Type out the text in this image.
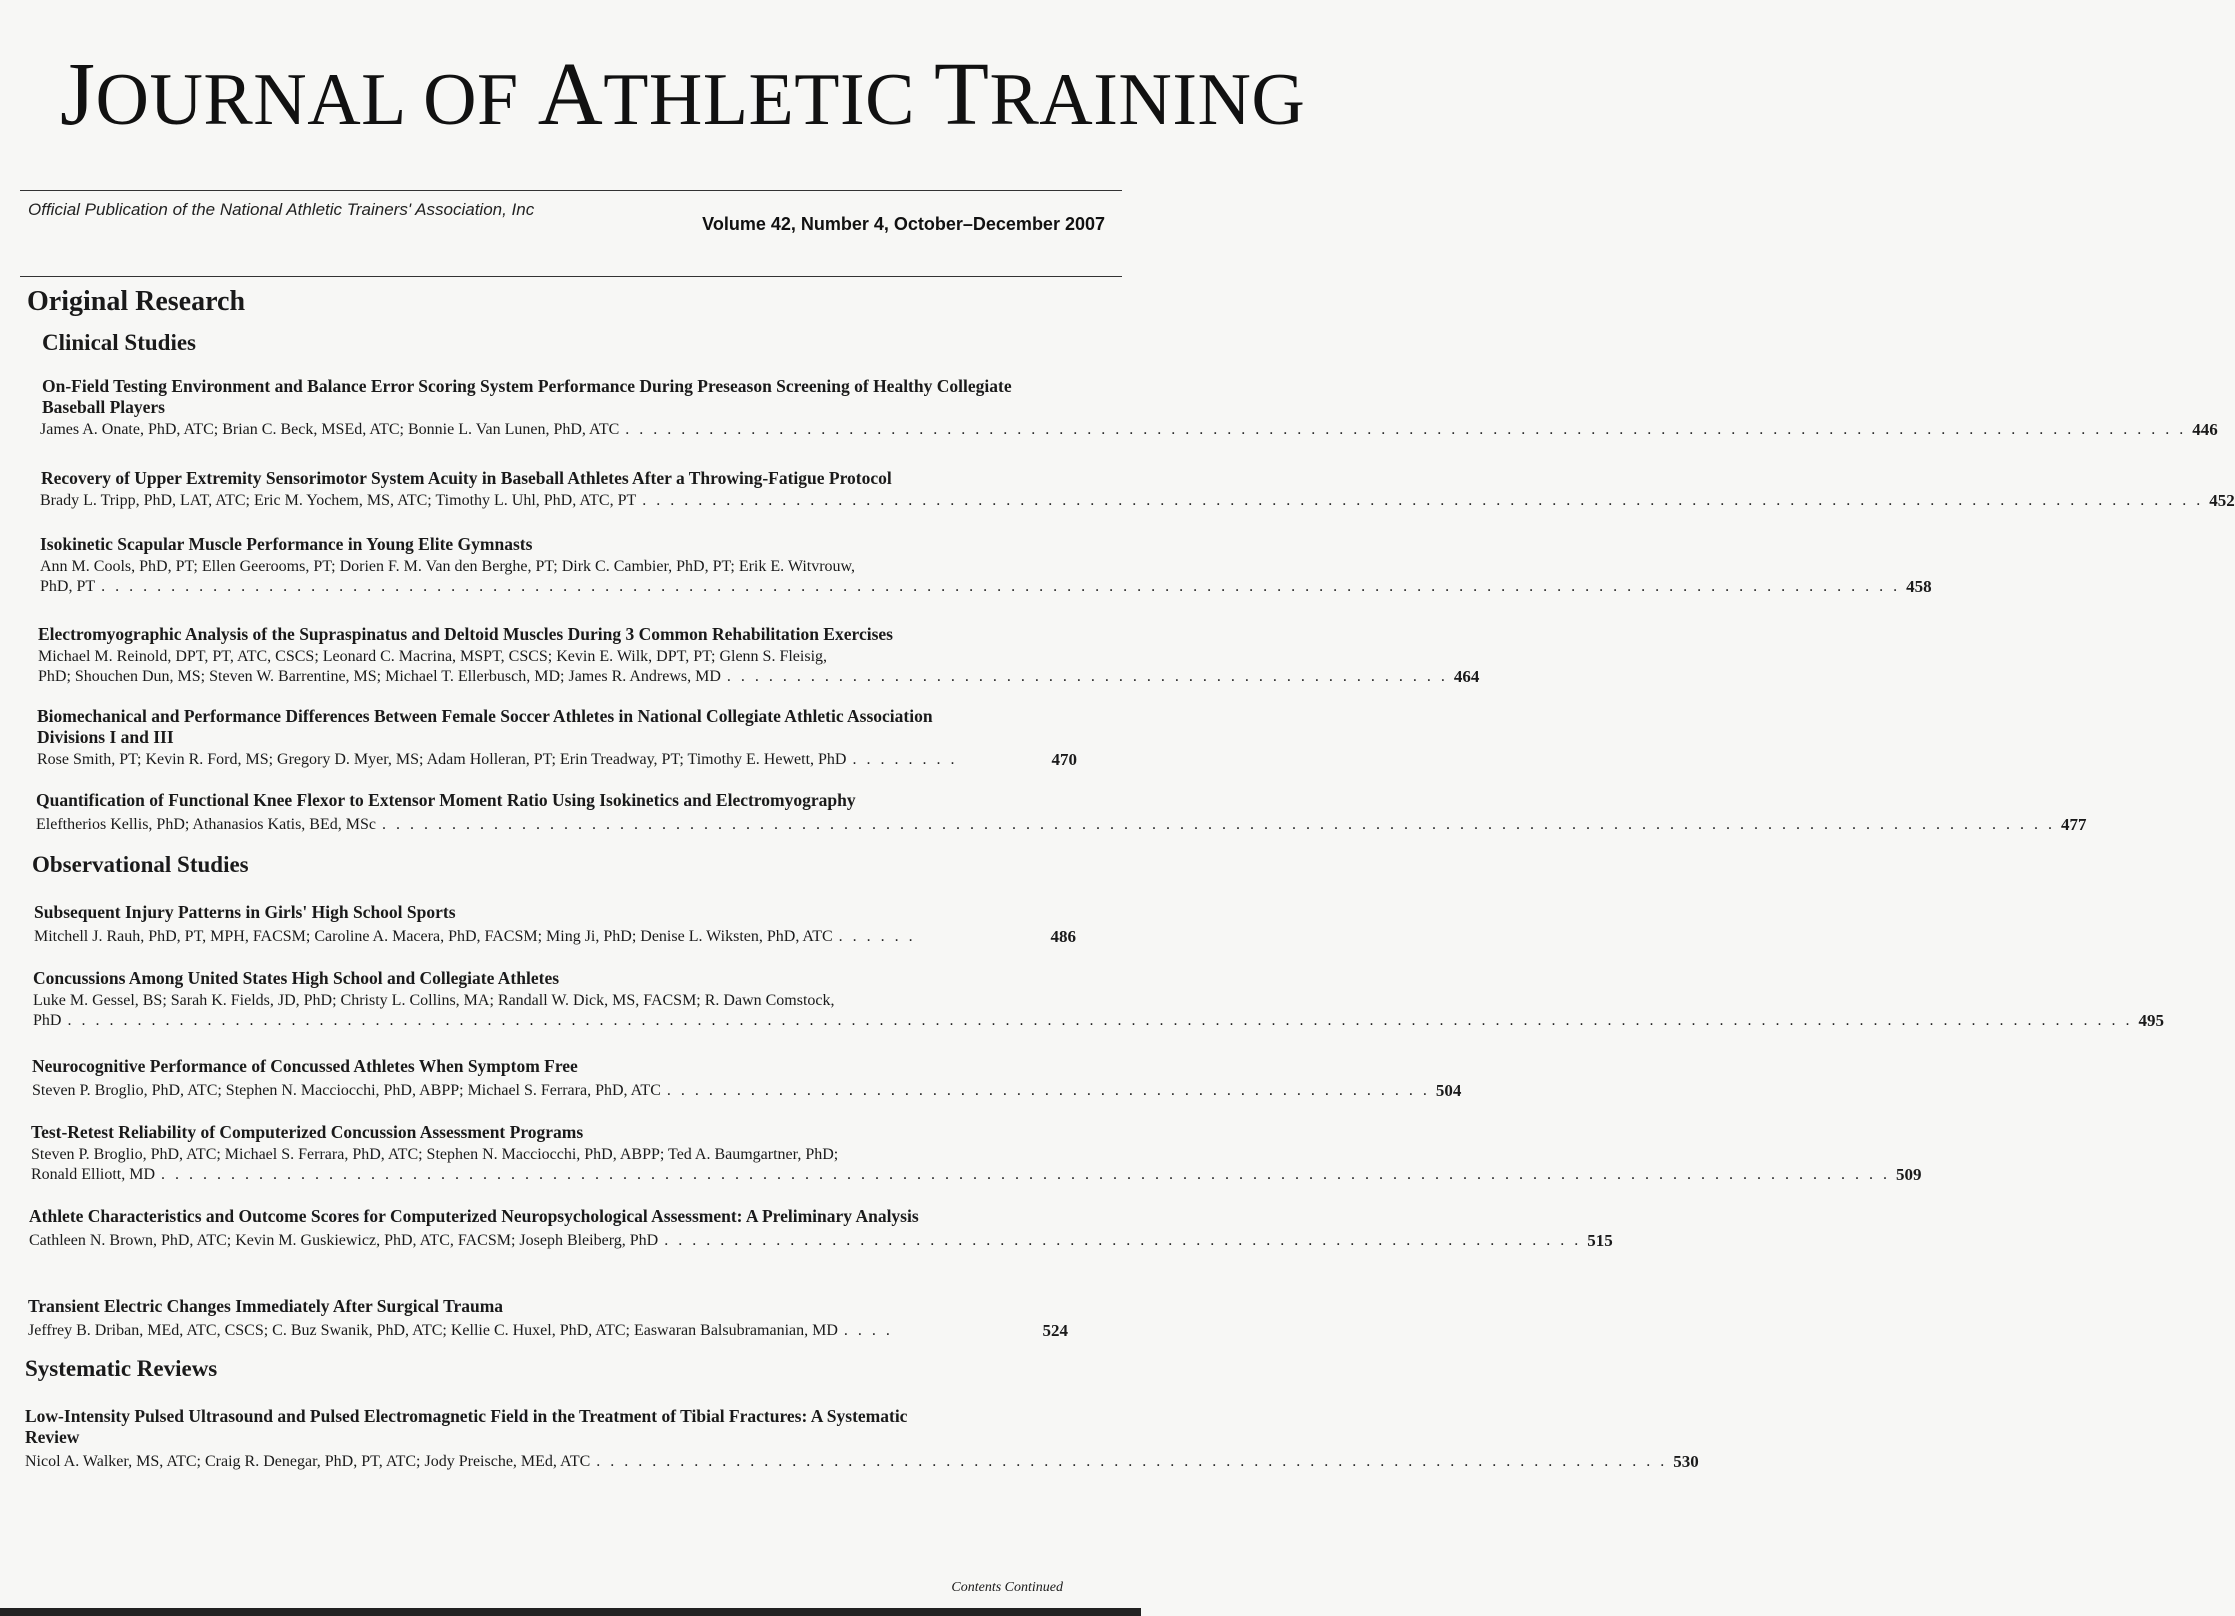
JOURNAL OF ATHLETIC TRAINING
Official Publication of the National Athletic Trainers' Association, Inc
Volume 42, Number 4, October–December 2007
Original Research
Clinical Studies
On-Field Testing Environment and Balance Error Scoring System Performance During Preseason Screening of Healthy Collegiate Baseball Players
James A. Onate, PhD, ATC; Brian C. Beck, MSEd, ATC; Bonnie L. Van Lunen, PhD, ATC . . . . . . . . . . . . . . . . . . . . . . . . . . . . . . . . . . . . . . . . . . . . . . . . . . . . . . . . . . . . . . . . . . . . . . . . . . . . . . . . . . . . . . . . . . . . . . . . . . . . . . . . . . . . . . . . 446
Recovery of Upper Extremity Sensorimotor System Acuity in Baseball Athletes After a Throwing-Fatigue Protocol
Brady L. Tripp, PhD, LAT, ATC; Eric M. Yochem, MS, ATC; Timothy L. Uhl, PhD, ATC, PT . . . . . . . . . . . . . . . . . . . . . . . . . . . . . . . . . . . . . . . . . . . . . . . . . . . . . . . . . . . . . . . . . . . . . . . . . . . . . . . . . . . . . . . . . . . . . . . . . . . . . . . . . . . . . . . . 452
Isokinetic Scapular Muscle Performance in Young Elite Gymnasts
Ann M. Cools, PhD, PT; Ellen Geerooms, PT; Dorien F. M. Van den Berghe, PT; Dirk C. Cambier, PhD, PT; Erik E. Witvrouw,
PhD, PT . . . . . . . . . . . . . . . . . . . . . . . . . . . . . . . . . . . . . . . . . . . . . . . . . . . . . . . . . . . . . . . . . . . . . . . . . . . . . . . . . . . . . . . . . . . . . . . . . . . . . . . . . . . . . . . . . . . . . . . . . . . . . . . . . 458
Electromyographic Analysis of the Supraspinatus and Deltoid Muscles During 3 Common Rehabilitation Exercises
Michael M. Reinold, DPT, PT, ATC, CSCS; Leonard C. Macrina, MSPT, CSCS; Kevin E. Wilk, DPT, PT; Glenn S. Fleisig,
PhD; Shouchen Dun, MS; Steven W. Barrentine, MS; Michael T. Ellerbusch, MD; James R. Andrews, MD . . . . . . . . . . . . . . . . . . . . . . . . . . . . . . . . . . . . . . . . . . . . . . . . . . . . 464
Biomechanical and Performance Differences Between Female Soccer Athletes in National Collegiate Athletic Association Divisions I and III
Rose Smith, PT; Kevin R. Ford, MS; Gregory D. Myer, MS; Adam Holleran, PT; Erin Treadway, PT; Timothy E. Hewett, PhD . . . . . . . .	470
Quantification of Functional Knee Flexor to Extensor Moment Ratio Using Isokinetics and Electromyography
Eleftherios Kellis, PhD; Athanasios Katis, BEd, MSc . . . . . . . . . . . . . . . . . . . . . . . . . . . . . . . . . . . . . . . . . . . . . . . . . . . . . . . . . . . . . . . . . . . . . . . . . . . . . . . . . . . . . . . . . . . . . . . . . . . . . . . . . . . . . . . . . . . . . . . . 477
Observational Studies
Subsequent Injury Patterns in Girls' High School Sports
Mitchell J. Rauh, PhD, PT, MPH, FACSM; Caroline A. Macera, PhD, FACSM; Ming Ji, PhD; Denise L. Wiksten, PhD, ATC . . . . . .	486
Concussions Among United States High School and Collegiate Athletes
Luke M. Gessel, BS; Sarah K. Fields, JD, PhD; Christy L. Collins, MA; Randall W. Dick, MS, FACSM; R. Dawn Comstock,
PhD . . . . . . . . . . . . . . . . . . . . . . . . . . . . . . . . . . . . . . . . . . . . . . . . . . . . . . . . . . . . . . . . . . . . . . . . . . . . . . . . . . . . . . . . . . . . . . . . . . . . . . . . . . . . . . . . . . . . . . . . . . . . . . . . . . . . . . . . . . . . . . . . . . . . 495
Neurocognitive Performance of Concussed Athletes When Symptom Free
Steven P. Broglio, PhD, ATC; Stephen N. Macciocchi, PhD, ABPP; Michael S. Ferrara, PhD, ATC . . . . . . . . . . . . . . . . . . . . . . . . . . . . . . . . . . . . . . . . . . . . . . . . . . . . . . . 504
Test-Retest Reliability of Computerized Concussion Assessment Programs
Steven P. Broglio, PhD, ATC; Michael S. Ferrara, PhD, ATC; Stephen N. Macciocchi, PhD, ABPP; Ted A. Baumgartner, PhD;
Ronald Elliott, MD . . . . . . . . . . . . . . . . . . . . . . . . . . . . . . . . . . . . . . . . . . . . . . . . . . . . . . . . . . . . . . . . . . . . . . . . . . . . . . . . . . . . . . . . . . . . . . . . . . . . . . . . . . . . . . . . . . . . . . . . . . . . 509
Athlete Characteristics and Outcome Scores for Computerized Neuropsychological Assessment: A Preliminary Analysis
Cathleen N. Brown, PhD, ATC; Kevin M. Guskiewicz, PhD, ATC, FACSM; Joseph Bleiberg, PhD . . . . . . . . . . . . . . . . . . . . . . . . . . . . . . . . . . . . . . . . . . . . . . . . . . . . . . . . . . . . . . . . . . 515
Transient Electric Changes Immediately After Surgical Trauma
Jeffrey B. Driban, MEd, ATC, CSCS; C. Buz Swanik, PhD, ATC; Kellie C. Huxel, PhD, ATC; Easwaran Balsubramanian, MD . . . .	524
Systematic Reviews
Low-Intensity Pulsed Ultrasound and Pulsed Electromagnetic Field in the Treatment of Tibial Fractures: A Systematic Review
Nicol A. Walker, MS, ATC; Craig R. Denegar, PhD, PT, ATC; Jody Preische, MEd, ATC . . . . . . . . . . . . . . . . . . . . . . . . . . . . . . . . . . . . . . . . . . . . . . . . . . . . . . . . . . . . . . . . . . . . . . . . . . . . . 530
Contents Continued
